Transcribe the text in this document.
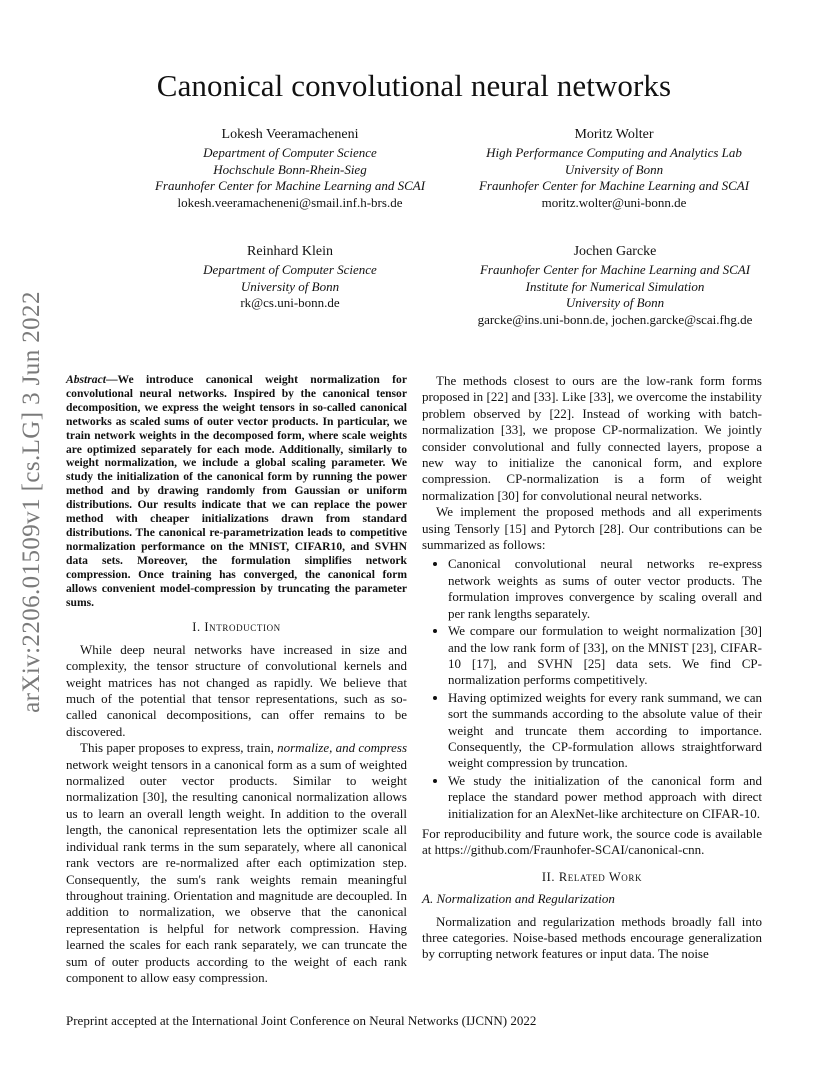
Canonical convolutional neural networks
Lokesh Veeramacheneni
Department of Computer Science
Hochschule Bonn-Rhein-Sieg
Fraunhofer Center for Machine Learning and SCAI
lokesh.veeramacheneni@smail.inf.h-brs.de
Moritz Wolter
High Performance Computing and Analytics Lab
University of Bonn
Fraunhofer Center for Machine Learning and SCAI
moritz.wolter@uni-bonn.de
Reinhard Klein
Department of Computer Science
University of Bonn
rk@cs.uni-bonn.de
Jochen Garcke
Fraunhofer Center for Machine Learning and SCAI
Institute for Numerical Simulation
University of Bonn
garcke@ins.uni-bonn.de, jochen.garcke@scai.fhg.de
arXiv:2206.01509v1 [cs.LG] 3 Jun 2022 Abstract—We introduce canonical weight normalization for convolutional neural networks. Inspired by the canonical tensor decomposition, we express the weight tensors in so-called canonical networks as scaled sums of outer vector products. In particular, we train network weights in the decomposed form, where scale weights are optimized separately for each mode. Additionally, similarly to weight normalization, we include a global scaling parameter. We study the initialization of the canonical form by running the power method and by drawing randomly from Gaussian or uniform distributions. Our results indicate that we can replace the power method with cheaper initializations drawn from standard distributions. The canonical re-parametrization leads to competitive normalization performance on the MNIST, CIFAR10, and SVHN data sets. Moreover, the formulation simplifies network compression. Once training has converged, the canonical form allows convenient model-compression by truncating the parameter sums.

I. Introduction

While deep neural networks have increased in size and complexity, the tensor structure of convolutional kernels and weight matrices has not changed as rapidly. We believe that much of the potential that tensor representations, such as so-called canonical decompositions, can offer remains to be discovered.

This paper proposes to express, train, normalize, and compress network weight tensors in a canonical form as a sum of weighted normalized outer vector products. Similar to weight normalization [30], the resulting canonical normalization allows us to learn an overall length weight. In addition to the overall length, the canonical representation lets the optimizer scale all individual rank terms in the sum separately, where all canonical rank vectors are re-normalized after each optimization step. Consequently, the sum's rank weights remain meaningful throughout training. Orientation and magnitude are decoupled. In addition to normalization, we observe that the canonical representation is helpful for network compression. Having learned the scales for each rank separately, we can truncate the sum of outer products according to the weight of each rank component to allow easy compression.

The methods closest to ours are the low-rank form forms proposed in [22] and [33]. Like [33], we overcome the instability problem observed by [22]. Instead of working with batch-normalization [33], we propose CP-normalization. We jointly consider convolutional and fully connected layers, propose a new way to initialize the canonical form, and explore compression. CP-normalization is a form of weight normalization [30] for convolutional neural networks.

We implement the proposed methods and all experiments using Tensorly [15] and Pytorch [28]. Our contributions can be summarized as follows:

• Canonical convolutional neural networks re-express network weights as sums of outer vector products. The formulation improves convergence by scaling overall and per rank lengths separately.
• We compare our formulation to weight normalization [30] and the low rank form of [33], on the MNIST [23], CIFAR-10 [17], and SVHN [25] data sets. We find CP-normalization performs competitively.
• Having optimized weights for every rank summand, we can sort the summands according to the absolute value of their weight and truncate them according to importance. Consequently, the CP-formulation allows straightforward weight compression by truncation.
• We study the initialization of the canonical form and replace the standard power method approach with direct initialization for an AlexNet-like architecture on CIFAR-10.

For reproducibility and future work, the source code is available at https://github.com/Fraunhofer-SCAI/canonical-cnn.

II. Related Work
A. Normalization and Regularization

Normalization and regularization methods broadly fall into three categories. Noise-based methods encourage generalization by corrupting network features or input data. The noise

Preprint accepted at the International Joint Conference on Neural Networks (IJCNN) 2022
